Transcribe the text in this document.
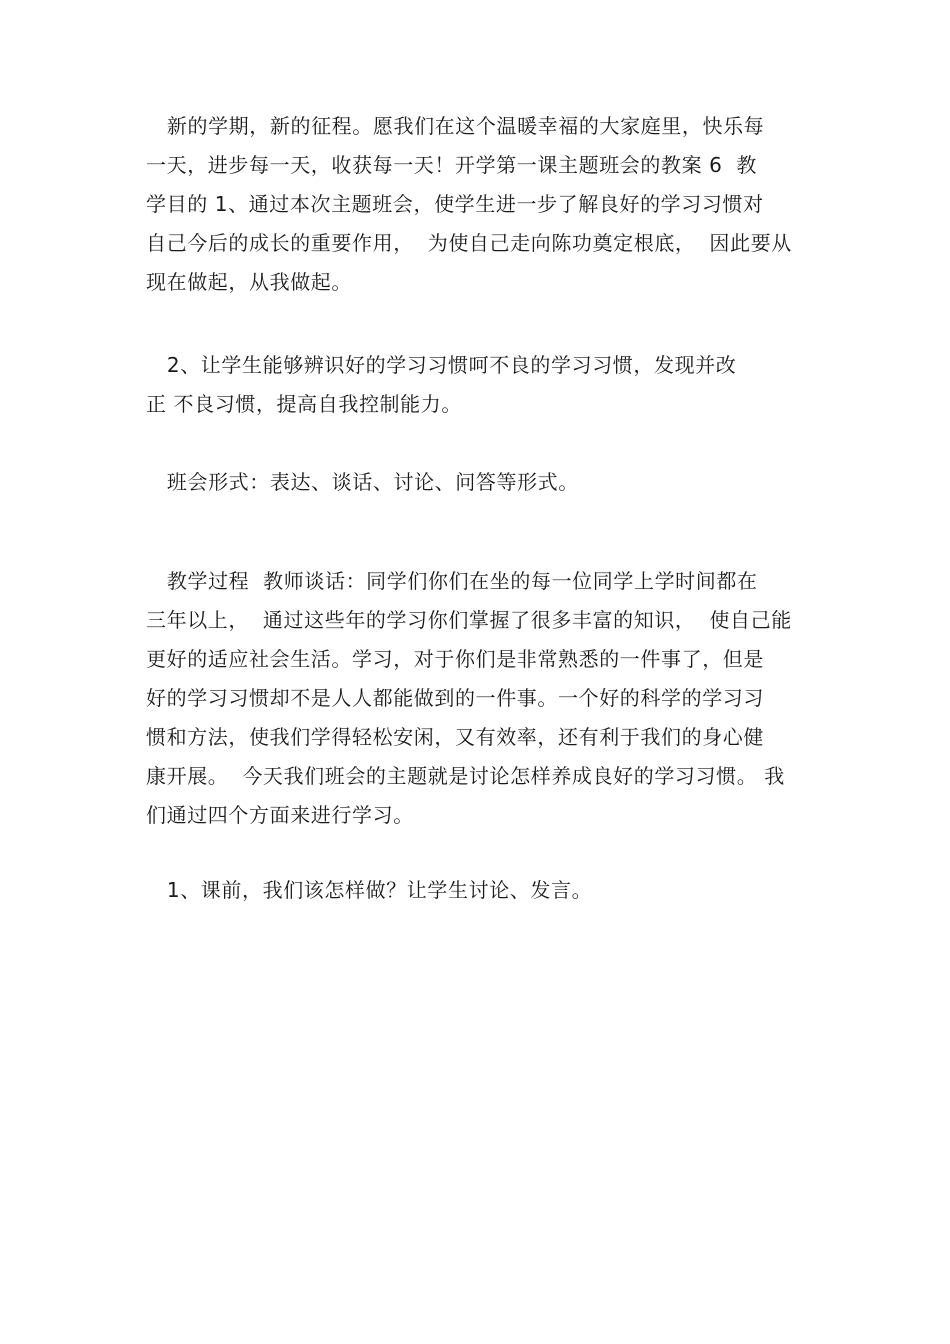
新的学期，新的征程。愿我们在这个温暖幸福的大家庭里，快乐每
一天，进步每一天，收获每一天！开学第一课主题班会的教案 6  教
学目的 1、通过本次主题班会，使学生进一步了解良好的学习习惯对
自己今后的成长的重要作用，  为使自己走向陈功奠定根底，  因此要从
现在做起，从我做起。
2、让学生能够辨识好的学习习惯呵不良的学习习惯，发现并改
正 不良习惯，提高自我控制能力。
班会形式：表达、谈话、讨论、问答等形式。
教学过程  教师谈话：同学们你们在坐的每一位同学上学时间都在
三年以上，  通过这些年的学习你们掌握了很多丰富的知识，  使自己能
更好的适应社会生活。学习，对于你们是非常熟悉的一件事了，但是
好的学习习惯却不是人人都能做到的一件事。一个好的科学的学习习
惯和方法，使我们学得轻松安闲，又有效率，还有利于我们的身心健
康开展。  今天我们班会的主题就是讨论怎样养成良好的学习习惯。 我
们通过四个方面来进行学习。
1、课前，我们该怎样做？让学生讨论、发言。
